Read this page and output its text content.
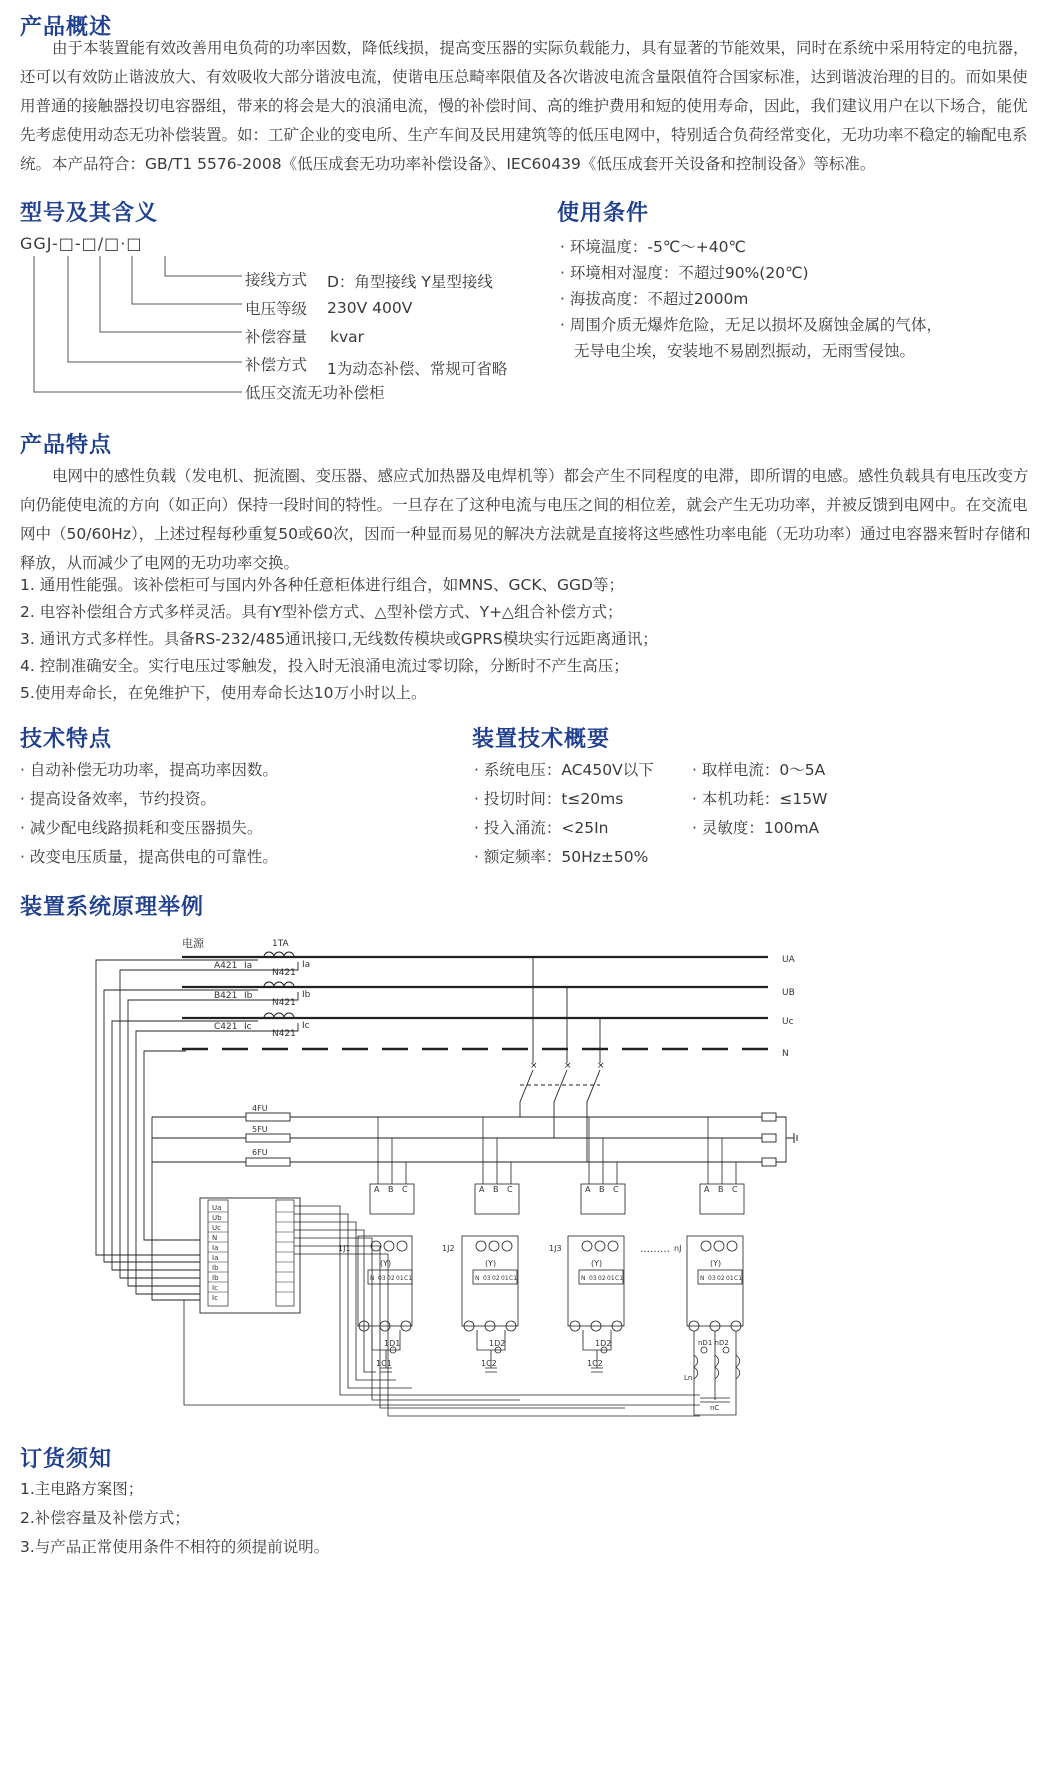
产品概述
由于本装置能有效改善用电负荷的功率因数，降低线损，提高变压器的实际负载能力，具有显著的节能效果，同时在系统中采用特定的电抗器，还可以有效防止谐波放大、有效吸收大部分谐波电流，使谐电压总畸率限值及各次谐波电流含量限值符合国家标准，达到谐波治理的目的。而如果使用普通的接触器投切电容器组，带来的将会是大的浪涌电流，慢的补偿时间、高的维护费用和短的使用寿命，因此，我们建议用户在以下场合，能优先考虑使用动态无功补偿装置。如：工矿企业的变电所、生产车间及民用建筑等的低压电网中，特别适合负荷经常变化，无功功率不稳定的输配电系统。 本产品符合：GB/T1 5576-2008《低压成套无功功率补偿设备》、IEC60439《低压成套开关设备和控制设备》等标准。
型号及其含义
GGJ-□-□/□·□
接线方式 D：角型接线 Y星型接线
电压等级 230V 400V
补偿容量 kvar
补偿方式 1为动态补偿、常规可省略
低压交流无功补偿柜
使用条件
· 环境温度：-5℃～+40℃
· 环境相对湿度：不超过90%(20℃)
· 海拔高度：不超过2000m
· 周围介质无爆炸危险，无足以损坏及腐蚀金属的气体，
无导电尘埃，安装地不易剧烈振动，无雨雪侵蚀。
产品特点
电网中的感性负载（发电机、扼流圈、变压器、感应式加热器及电焊机等）都会产生不同程度的电滞，即所谓的电感。感性负载具有电压改变方向仍能使电流的方向（如正向）保持一段时间的特性。一旦存在了这种电流与电压之间的相位差，就会产生无功功率，并被反馈到电网中。在交流电网中（50/60Hz），上述过程每秒重复50或60次，因而一种显而易见的解决方法就是直接将这些感性功率电能（无功功率）通过电容器来暂时存储和释放，从而减少了电网的无功功率交换。
1. 通用性能强。该补偿柜可与国内外各种任意柜体进行组合，如MNS、GCK、GGD等；
2. 电容补偿组合方式多样灵活。具有Y型补偿方式、△型补偿方式、Y+△组合补偿方式；
3. 通讯方式多样性。具备RS-232/485通讯接口,无线数传模块或GPRS模块实行远距离通讯；
4. 控制准确安全。实行电压过零触发，投入时无浪涌电流过零切除，分断时不产生高压；
5.使用寿命长，在免维护下，使用寿命长达10万小时以上。
技术特点
· 自动补偿无功功率，提高功率因数。
· 提高设备效率，节约投资。
· 减少配电线路损耗和变压器损失。
· 改变电压质量，提高供电的可靠性。
装置技术概要
· 系统电压：AC450V以下
· 投切时间：t≤20ms
· 投入涌流：<25In
· 额定频率：50Hz±50%
· 取样电流：0～5A
· 本机功耗：≤15W
· 灵敏度：100mA
装置系统原理举例
电源	1TA
A421 Ia
N421
Ia
B421 Ib
N421
Ib
C421 Ic
N421
Ic
UA
UB
Uc
N
4FU
5FU
6FU
×	×	×
Ua
Ub
Uc
N
Ia
Ia
Ib
Ib
Ic
Ic
A B C
1J1
(Y)
N 03 02 01 C1
1D1
1C1
A B C
1J2
(Y)
N 03 02 01 C1
1D2
1C2
A B C
1J3
(Y)
N 03 02 01 C1
1D2
1C2
………
A B C
nJ
(Y)
N 03 02 01 C1
nD1 nD2
Ln
nC
订货须知
1.主电路方案图；
2.补偿容量及补偿方式；
3.与产品正常使用条件不相符的须提前说明。
